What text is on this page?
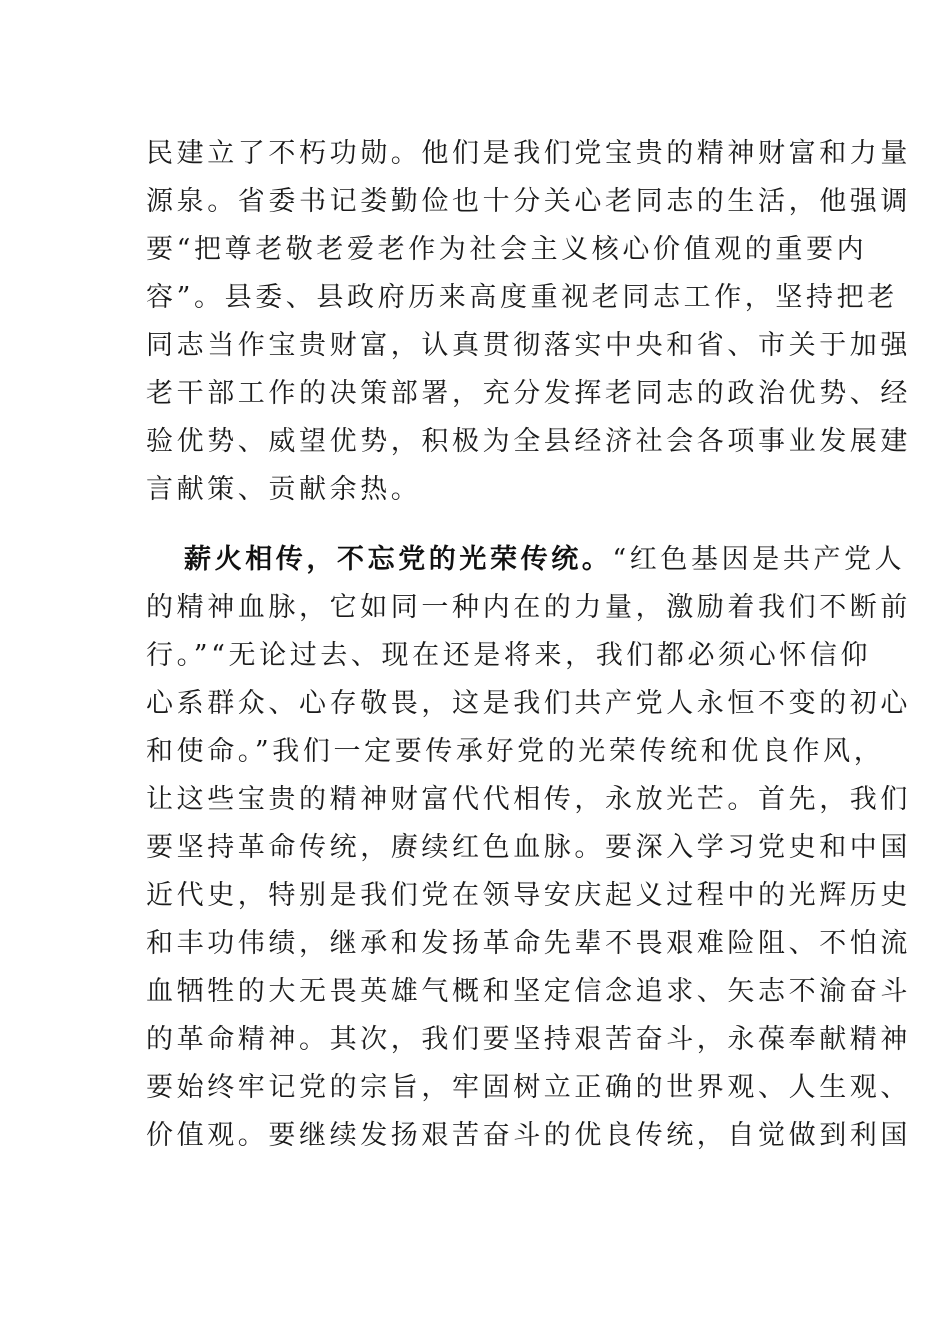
民建立了不朽功勋。他们是我们党宝贵的精神财富和力量
源泉。省委书记娄勤俭也十分关心老同志的生活，他强调
要“把尊老敬老爱老作为社会主义核心价值观的重要内
容”。县委、县政府历来高度重视老同志工作，坚持把老
同志当作宝贵财富，认真贯彻落实中央和省、市关于加强
老干部工作的决策部署，充分发挥老同志的政治优势、经
验优势、威望优势，积极为全县经济社会各项事业发展建
言献策、贡献余热。
薪火相传，不忘党的光荣传统。“红色基因是共产党人
的精神血脉，它如同一种内在的力量，激励着我们不断前
行。”“无论过去、现在还是将来，我们都必须心怀信仰
心系群众、心存敬畏，这是我们共产党人永恒不变的初心
和使命。”我们一定要传承好党的光荣传统和优良作风，
让这些宝贵的精神财富代代相传，永放光芒。首先，我们
要坚持革命传统，赓续红色血脉。要深入学习党史和中国
近代史，特别是我们党在领导安庆起义过程中的光辉历史
和丰功伟绩，继承和发扬革命先辈不畏艰难险阻、不怕流
血牺牲的大无畏英雄气概和坚定信念追求、矢志不渝奋斗
的革命精神。其次，我们要坚持艰苦奋斗，永葆奉献精神
要始终牢记党的宗旨，牢固树立正确的世界观、人生观、
价值观。要继续发扬艰苦奋斗的优良传统，自觉做到利国
